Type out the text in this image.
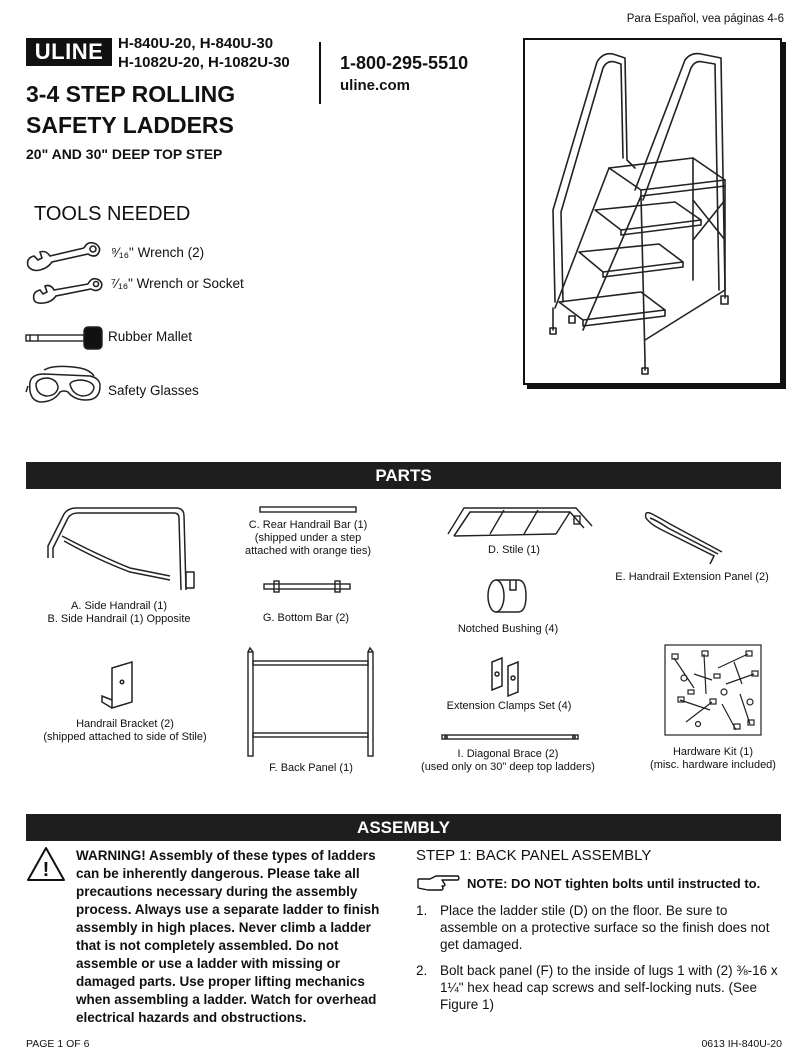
Para Español, vea páginas 4-6
ULINE H-840U-20, H-840U-30
H-1082U-20, H-1082U-30	1-800-295-5510
uline.com
3-4 STEP ROLLING
SAFETY LADDERS
20" AND 30" DEEP TOP STEP
TOOLS NEEDED
⁹⁄₁₆" Wrench (2)
⁷⁄₁₆" Wrench or Socket
Rubber Mallet
Safety Glasses
PARTS
A. Side Handrail (1)
B. Side Handrail (1) Opposite
C. Rear Handrail Bar (1)
(shipped under a step
attached with orange ties)	D. Stile (1)
E. Handrail Extension Panel (2)
G. Bottom Bar (2)
Notched Bushing (4)
Handrail Bracket (2)
(shipped attached to side of Stile)
F. Back Panel (1)
Extension Clamps Set (4)
I. Diagonal Brace (2)
(used only on 30" deep top ladders)
Hardware Kit (1)
(misc. hardware included)
ASSEMBLY
!
WARNING! Assembly of these types of ladders can be inherently dangerous. Please take all precautions necessary during the assembly process. Always use a separate ladder to finish assembly in high places. Never climb a ladder that is not completely assembled. Do not assemble or use a ladder with missing or damaged parts. Use proper lifting mechanics when assembling a ladder. Watch for overhead electrical hazards and obstructions.
STEP 1: BACK PANEL ASSEMBLY
NOTE: DO NOT tighten bolts until instructed to.
1. Place the ladder stile (D) on the floor. Be sure to assemble on a protective surface so the finish does not get damaged.
2. Bolt back panel (F) to the inside of lugs 1 with (2) ⅜-16 x 1¼" hex head cap screws and self-locking nuts. (See Figure 1)
PAGE 1 OF 6	0613 IH-840U-20
